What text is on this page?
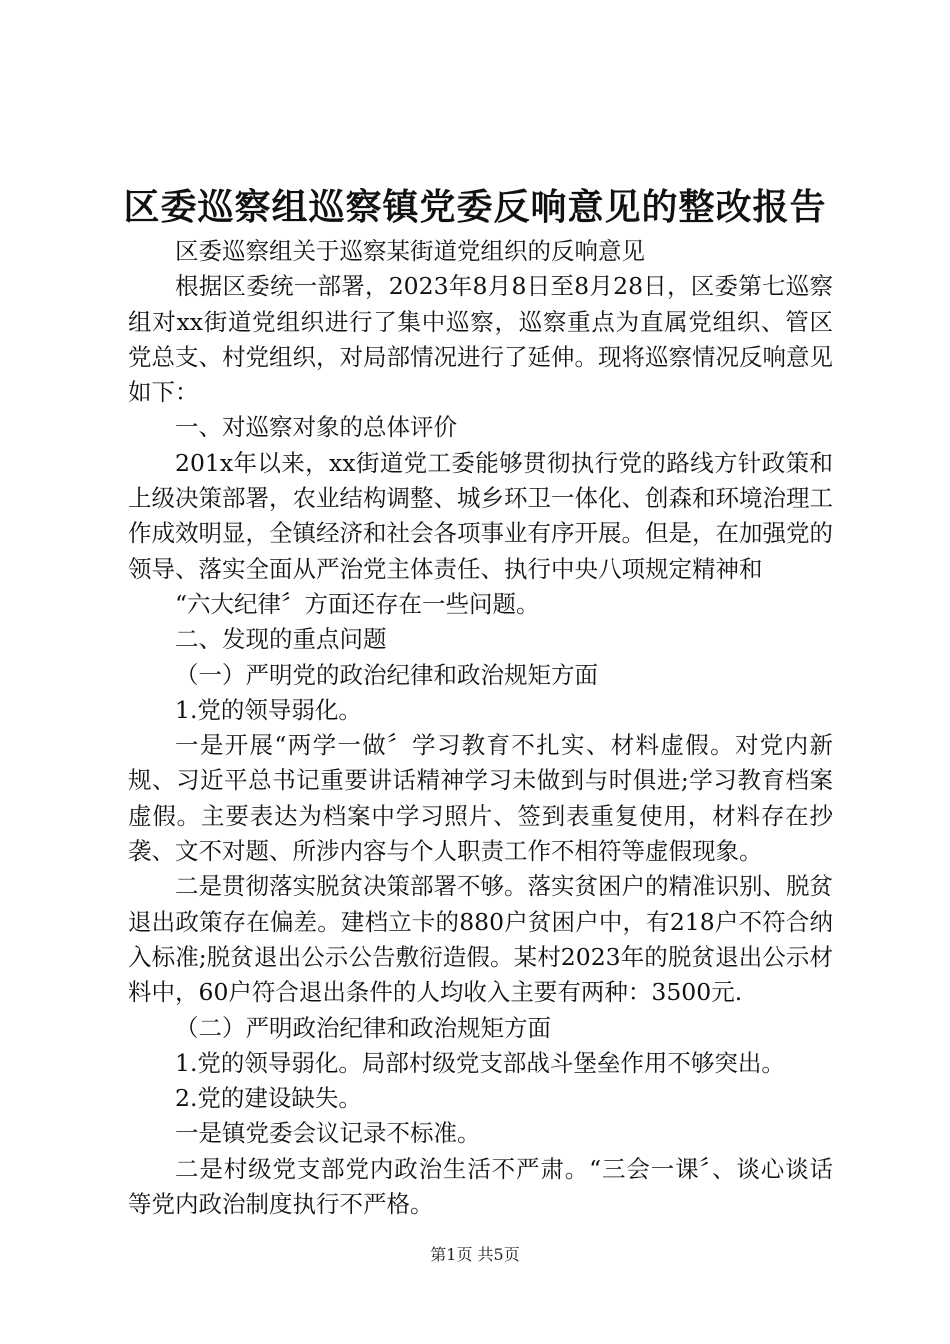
区委巡察组巡察镇党委反响意见的整改报告

区委巡察组关于巡察某街道党组织的反响意见

根据区委统一部署，2023年8月8日至8月28日，区委第七巡察组对xx街道党组织进行了集中巡察，巡察重点为直属党组织、管区党总支、村党组织，对局部情况进行了延伸。现将巡察情况反响意见如下：

一、对巡察对象的总体评价

201x年以来，xx街道党工委能够贯彻执行党的路线方针政策和上级决策部署，农业结构调整、城乡环卫一体化、创森和环境治理工作成效明显，全镇经济和社会各项事业有序开展。但是，在加强党的领导、落实全面从严治党主体责任、执行中央八项规定精神和

“六大纪律〞方面还存在一些问题。

二、发现的重点问题

（一）严明党的政治纪律和政治规矩方面

1.党的领导弱化。

一是开展“两学一做〞学习教育不扎实、材料虚假。对党内新规、习近平总书记重要讲话精神学习未做到与时俱进;学习教育档案虚假。主要表达为档案中学习照片、签到表重复使用，材料存在抄袭、文不对题、所涉内容与个人职责工作不相符等虚假现象。

二是贯彻落实脱贫决策部署不够。落实贫困户的精准识别、脱贫退出政策存在偏差。建档立卡的880户贫困户中，有218户不符合纳入标准;脱贫退出公示公告敷衍造假。某村2023年的脱贫退出公示材料中，60户符合退出条件的人均收入主要有两种：3500元.

（二）严明政治纪律和政治规矩方面

1.党的领导弱化。局部村级党支部战斗堡垒作用不够突出。

2.党的建设缺失。

一是镇党委会议记录不标准。

二是村级党支部党内政治生活不严肃。“三会一课〞、谈心谈话等党内政治制度执行不严格。

第1页 共5页
